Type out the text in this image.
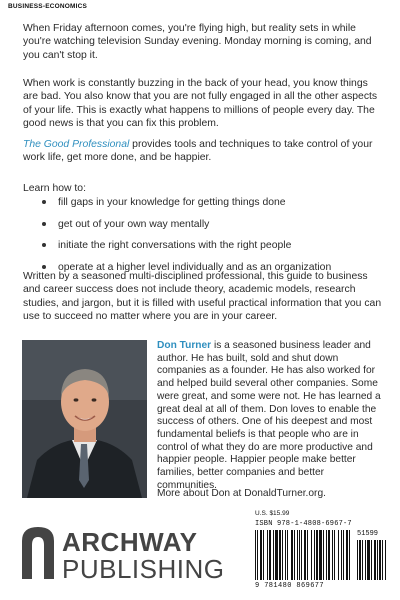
BUSINESS-ECONOMICS
When Friday afternoon comes, you're flying high, but reality sets in while you're watching television Sunday evening. Monday morning is coming, and you can't stop it.
When work is constantly buzzing in the back of your head, you know things are bad. You also know that you are not fully engaged in all the other aspects of your life. This is exactly what happens to millions of people every day. The good news is that you can fix this problem.
The Good Professional provides tools and techniques to take control of your work life, get more done, and be happier.
Learn how to:
fill gaps in your knowledge for getting things done
get out of your own way mentally
initiate the right conversations with the right people
operate at a higher level individually and as an organization
Written by a seasoned multi-disciplined professional, this guide to business and career success does not include theory, academic models, research studies, and jargon, but it is filled with useful practical information that you can use to succeed no matter where you are in your career.
Don Turner is a seasoned business leader and author. He has built, sold and shut down companies as a founder. He has also worked for and helped build several other companies. Some were great, and some were not. He has learned a great deal at all of them. Don loves to enable the success of others. One of his deepest and most fundamental beliefs is that people who are in control of what they do are more productive and happier people. Happier people make better families, better companies and better communities.
More about Don at DonaldTurner.org.
ARCHWAY
PUBLISHING
U.S. $15.99
ISBN 978-1-4808-6967-7
51599
9 781480 869677
